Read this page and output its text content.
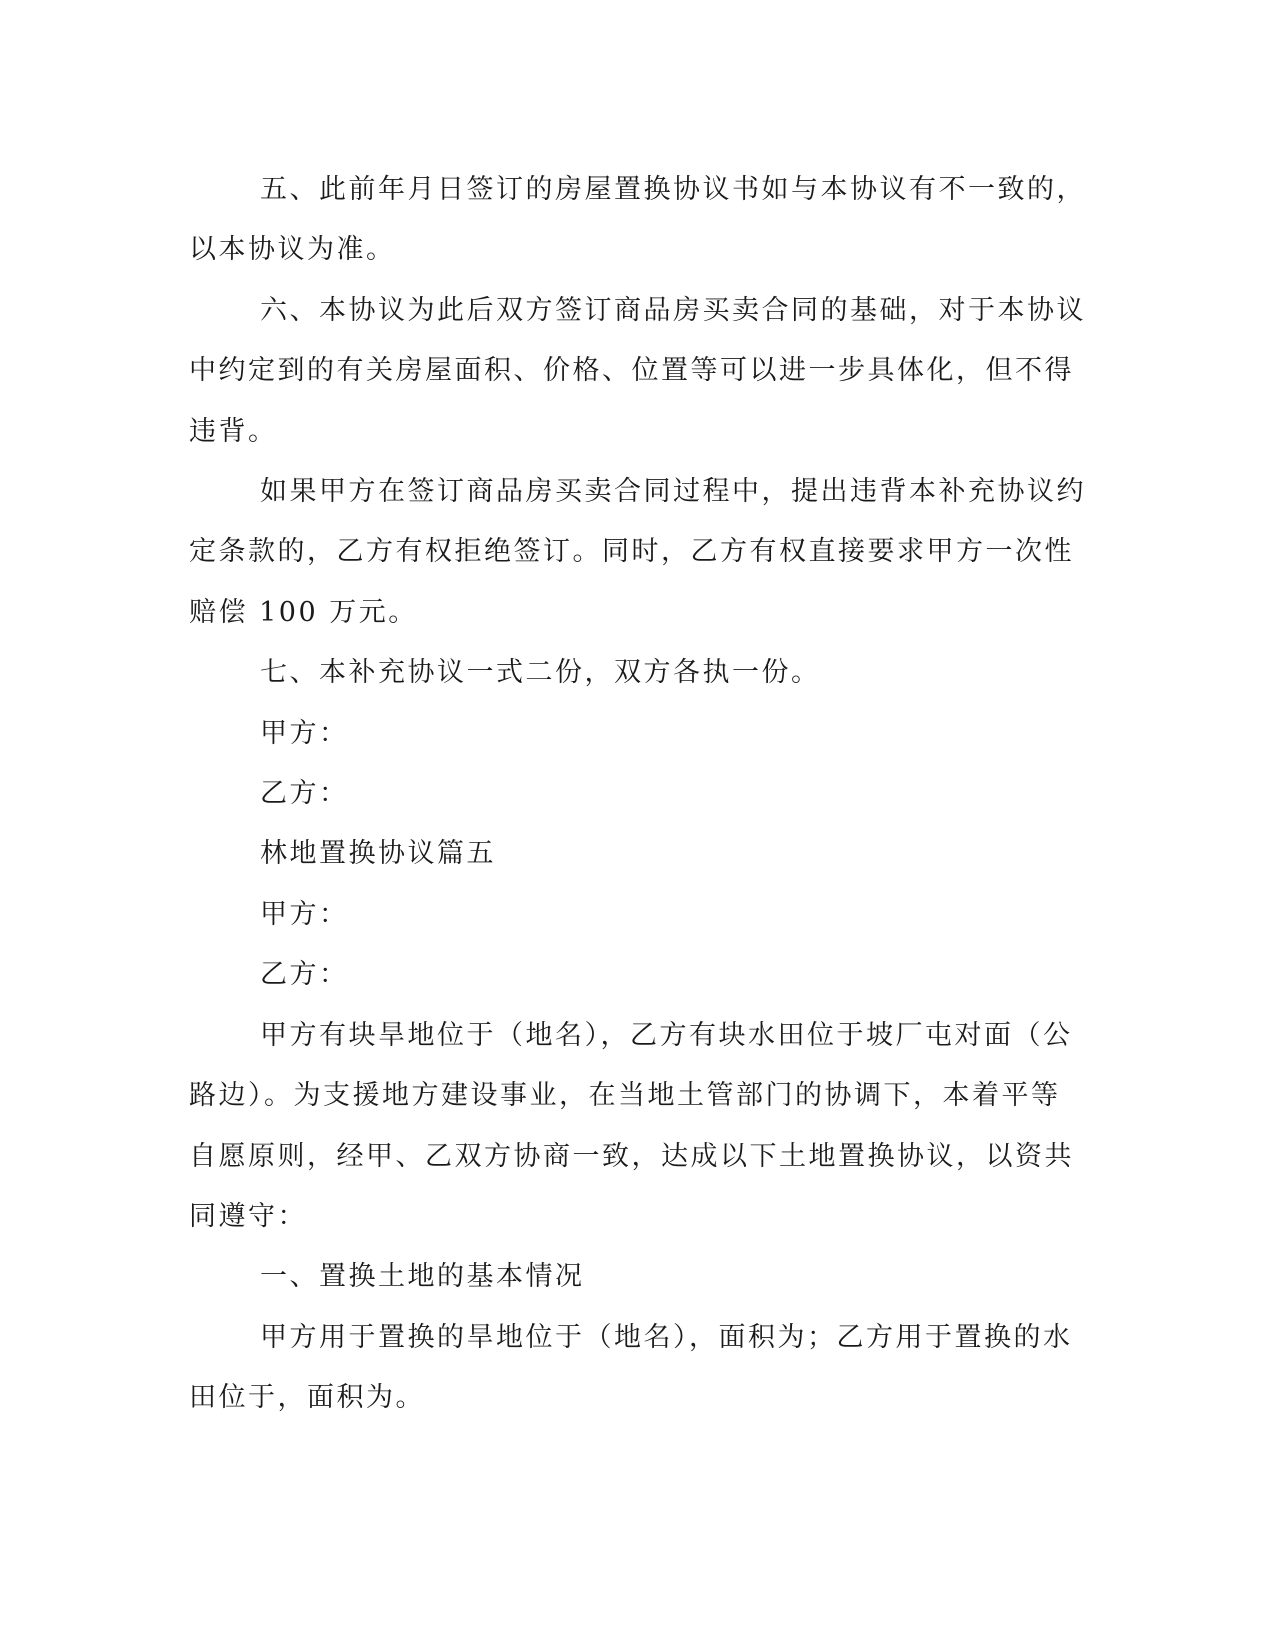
五、此前年月日签订的房屋置换协议书如与本协议有不一致的，

以本协议为准。

六、本协议为此后双方签订商品房买卖合同的基础，对于本协议

中约定到的有关房屋面积、价格、位置等可以进一步具体化，但不得

违背。

如果甲方在签订商品房买卖合同过程中，提出违背本补充协议约

定条款的，乙方有权拒绝签订。同时，乙方有权直接要求甲方一次性

赔偿 100 万元。

七、本补充协议一式二份，双方各执一份。

甲方：

乙方：

林地置换协议篇五

甲方：

乙方：

甲方有块旱地位于（地名），乙方有块水田位于坡厂屯对面（公

路边）。为支援地方建设事业，在当地土管部门的协调下，本着平等

自愿原则，经甲、乙双方协商一致，达成以下土地置换协议，以资共

同遵守：

一、置换土地的基本情况

甲方用于置换的旱地位于（地名），面积为；乙方用于置换的水

田位于，面积为。
